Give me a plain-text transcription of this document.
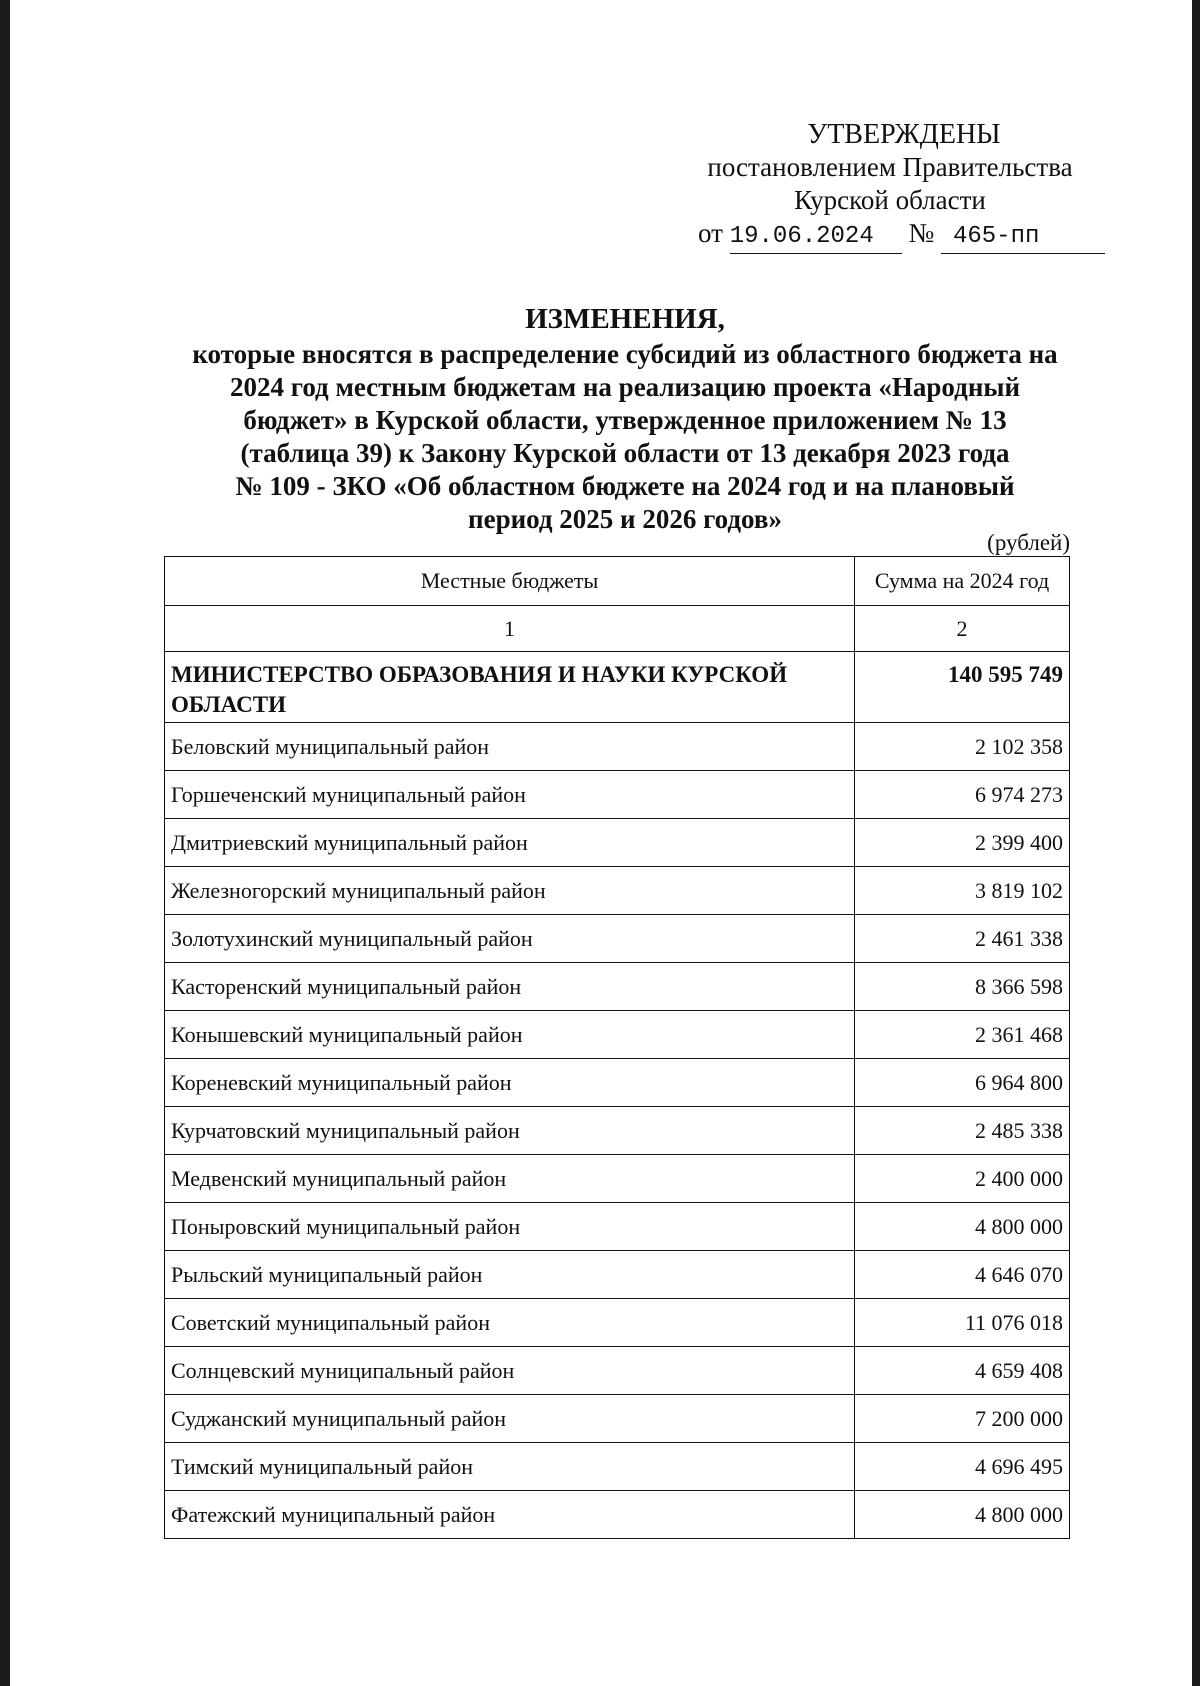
УТВЕРЖДЕНЫ
постановлением Правительства
Курской области
от 19.06.2024 № 465-пп
ИЗМЕНЕНИЯ,
которые вносятся в распределение субсидий из областного бюджета на
2024 год местным бюджетам на реализацию проекта «Народный
бюджет» в Курской области, утвержденное приложением № 13
(таблица 39) к Закону Курской области от 13 декабря 2023 года
№ 109 - ЗКО «Об областном бюджете на 2024 год и на плановый
период 2025 и 2026 годов»
(рублей)
Местные бюджеты	Сумма на 2024 год
1	2
МИНИСТЕРСТВО ОБРАЗОВАНИЯ И НАУКИ КУРСКОЙ ОБЛАСТИ	140 595 749
Беловский муниципальный район	2 102 358
Горшеченский муниципальный район	6 974 273
Дмитриевский муниципальный район	2 399 400
Железногорский муниципальный район	3 819 102
Золотухинский муниципальный район	2 461 338
Касторенский муниципальный район	8 366 598
Конышевский муниципальный район	2 361 468
Кореневский муниципальный район	6 964 800
Курчатовский муниципальный район	2 485 338
Медвенский муниципальный район	2 400 000
Поныровский муниципальный район	4 800 000
Рыльский муниципальный район	4 646 070
Советский муниципальный район	11 076 018
Солнцевский муниципальный район	4 659 408
Суджанский муниципальный район	7 200 000
Тимский муниципальный район	4 696 495
Фатежский муниципальный район	4 800 000
